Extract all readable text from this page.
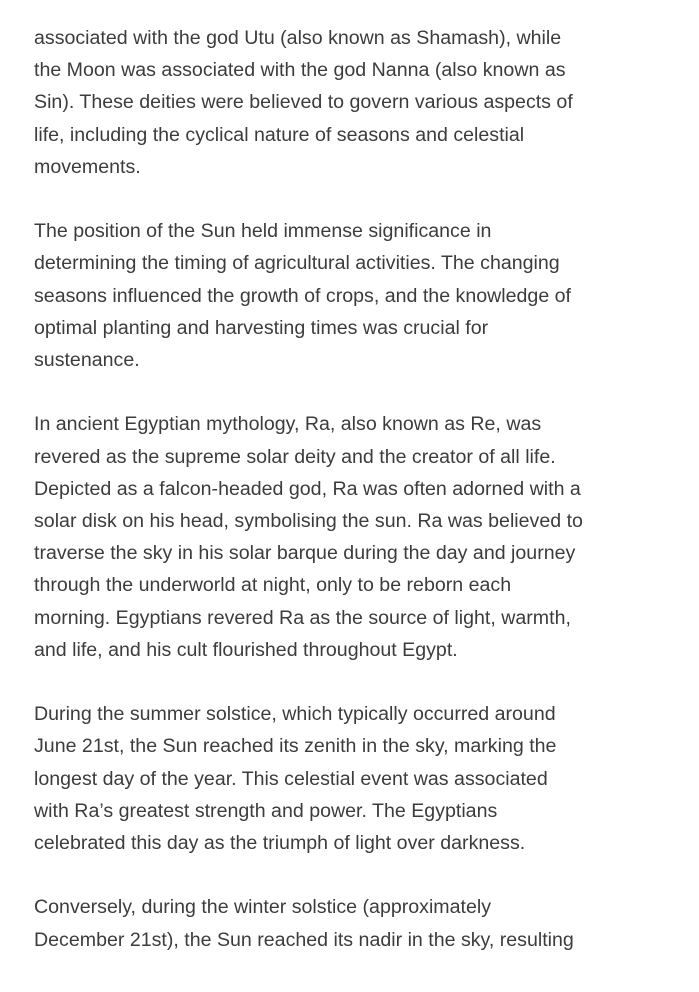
associated with the god Utu (also known as Shamash), while
the Moon was associated with the god Nanna (also known as
Sin). These deities were believed to govern various aspects of
life, including the cyclical nature of seasons and celestial
movements.

The position of the Sun held immense significance in
determining the timing of agricultural activities. The changing
seasons influenced the growth of crops, and the knowledge of
optimal planting and harvesting times was crucial for
sustenance.

In ancient Egyptian mythology, Ra, also known as Re, was
revered as the supreme solar deity and the creator of all life.
Depicted as a falcon-headed god, Ra was often adorned with a
solar disk on his head, symbolising the sun. Ra was believed to
traverse the sky in his solar barque during the day and journey
through the underworld at night, only to be reborn each
morning. Egyptians revered Ra as the source of light, warmth,
and life, and his cult flourished throughout Egypt.

During the summer solstice, which typically occurred around
June 21st, the Sun reached its zenith in the sky, marking the
longest day of the year. This celestial event was associated
with Ra’s greatest strength and power. The Egyptians
celebrated this day as the triumph of light over darkness.

Conversely, during the winter solstice (approximately
December 21st), the Sun reached its nadir in the sky, resulting
